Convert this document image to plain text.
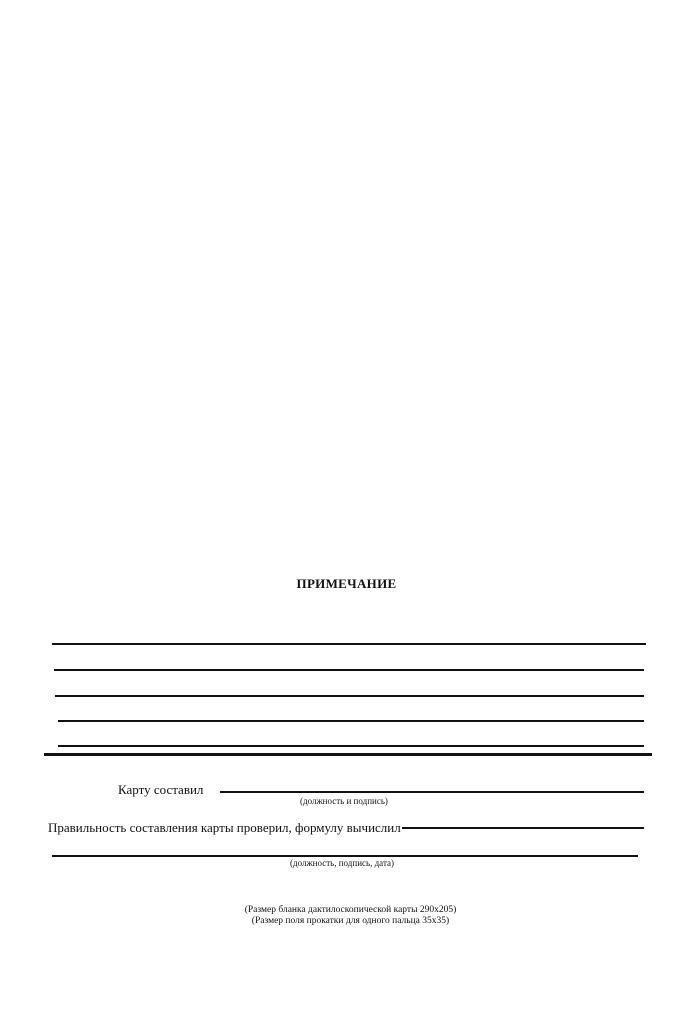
ПРИМЕЧАНИЕ
Карту составил
(должность и подпись)
Правильность составления карты проверил, формулу вычислил
(должность, подпись, дата)
(Размер бланка дактилоскопической карты 290х205)
(Размер поля прокатки для одного пальца 35х35)
